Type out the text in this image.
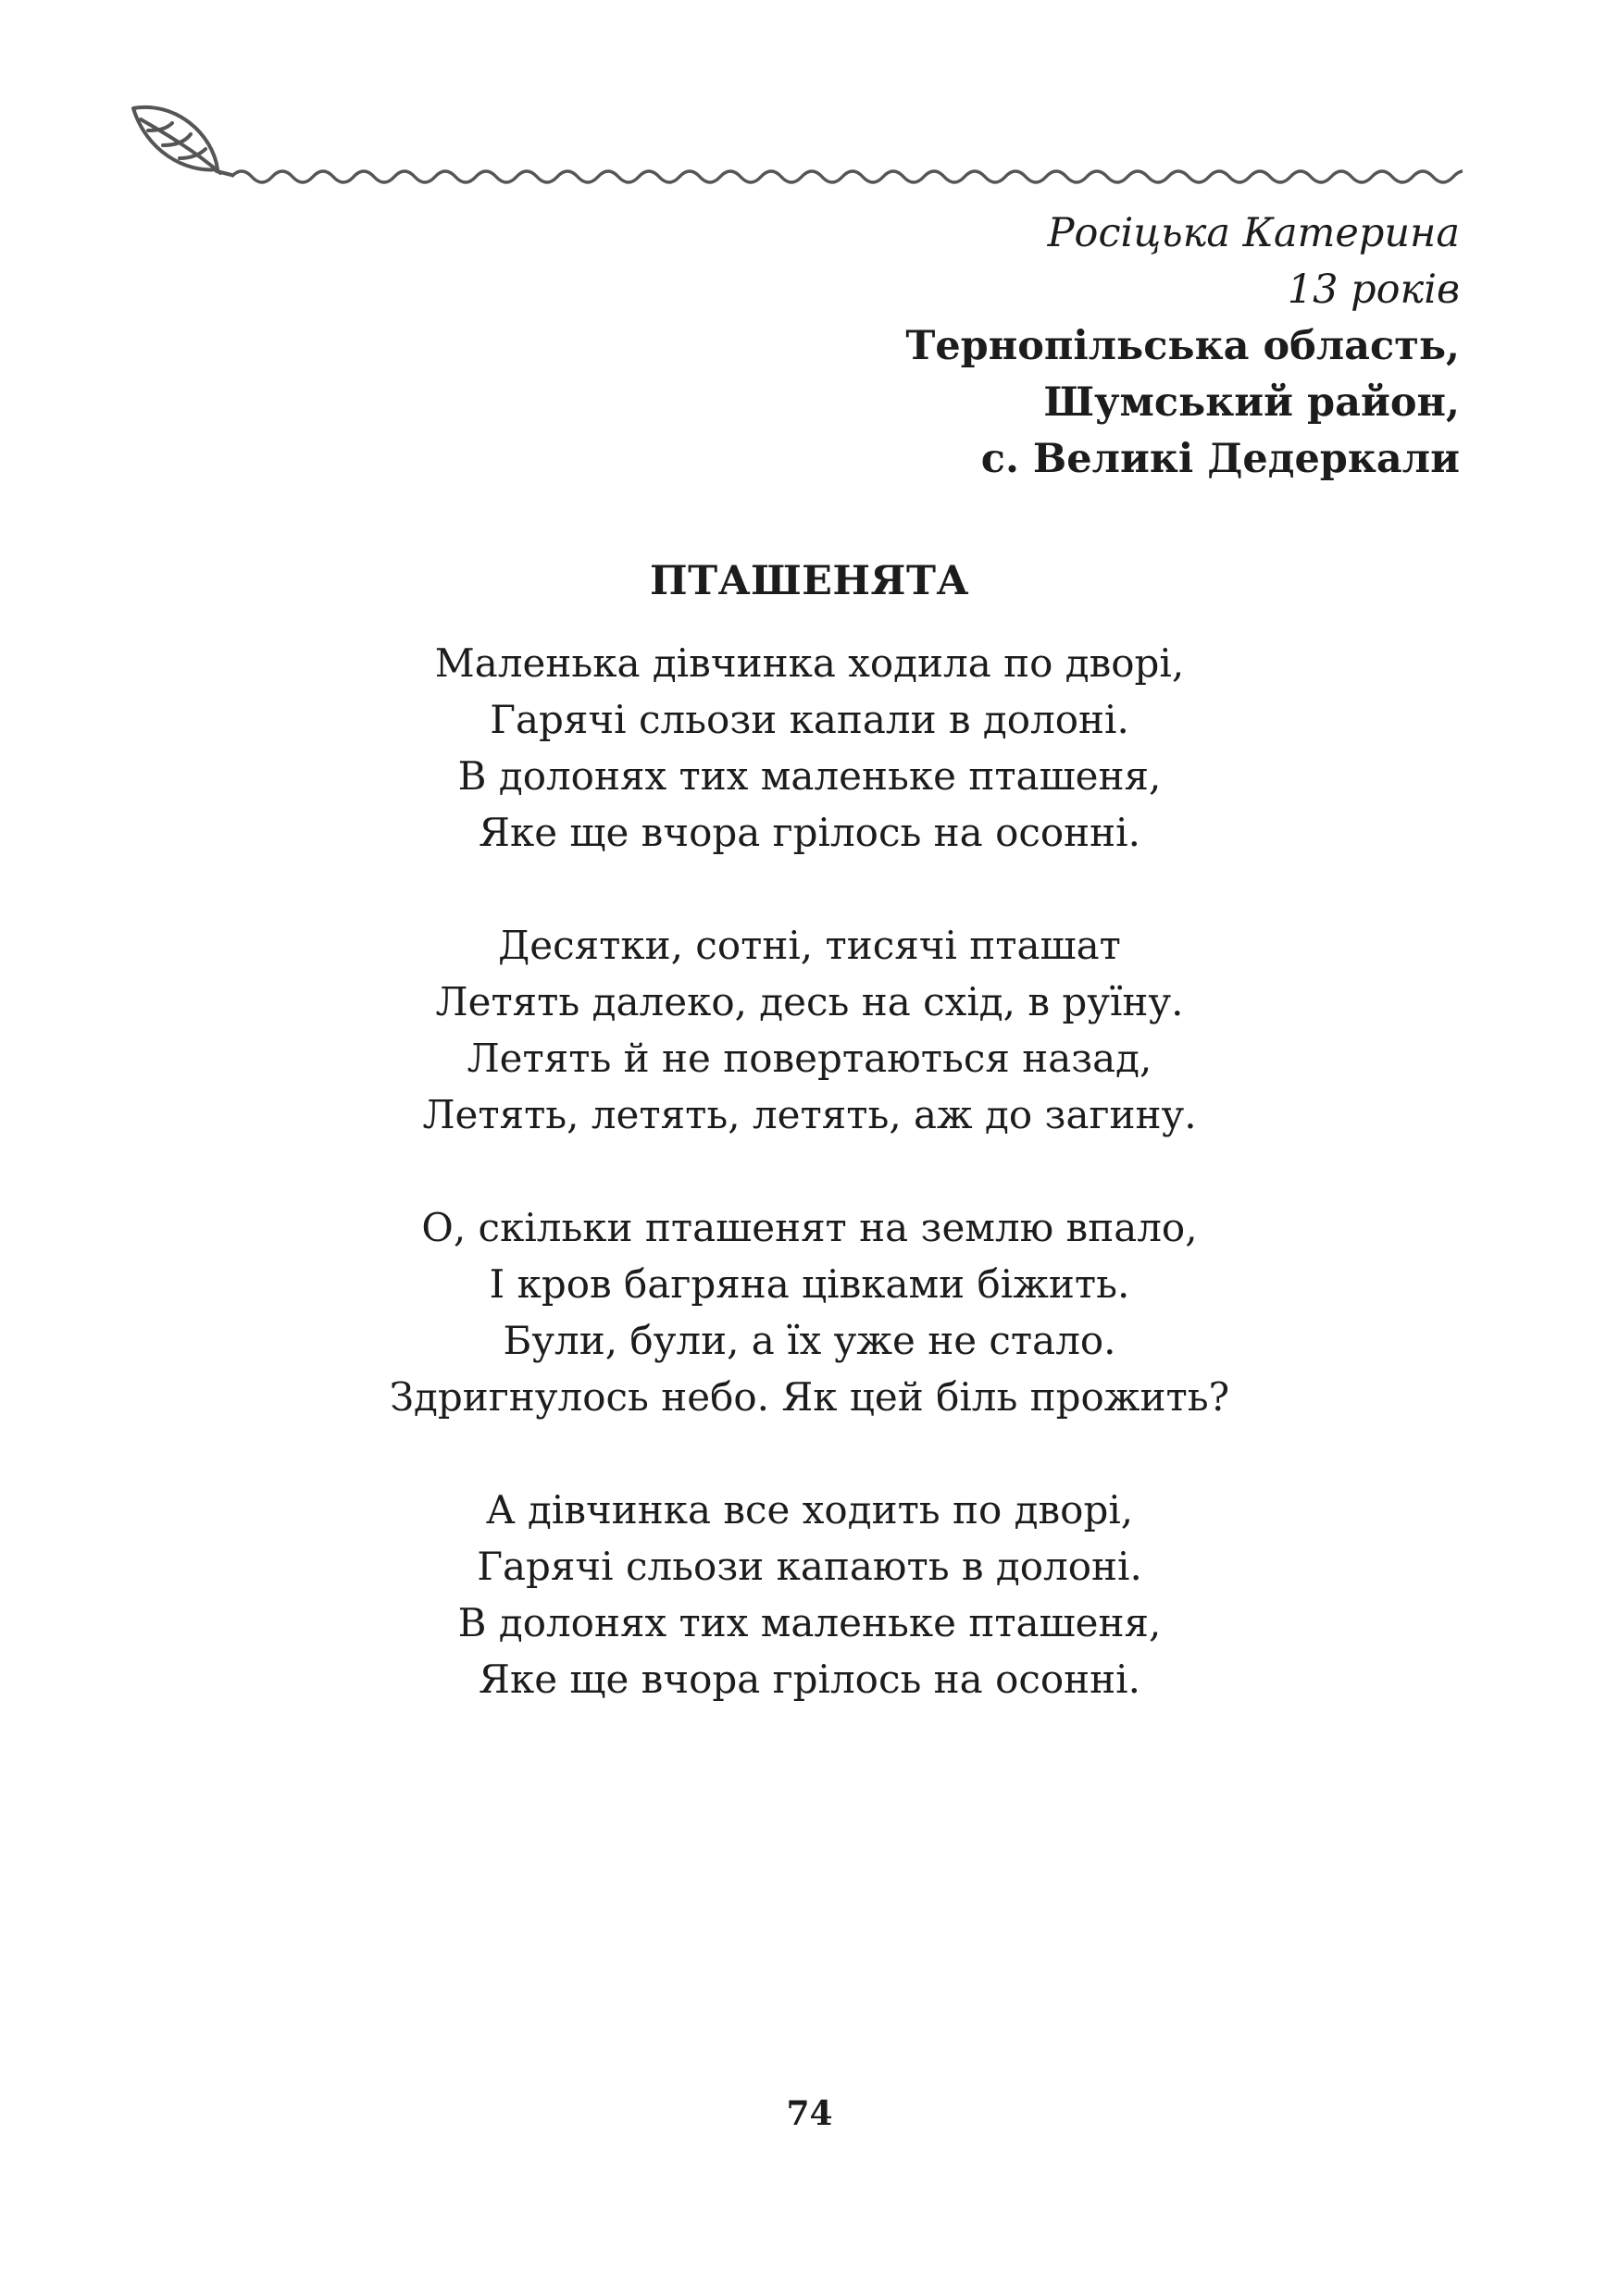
Росіцька Катерина
13 років
Тернопільська область,
Шумський район,
с. Великі Дедеркали
ПТАШЕНЯТА
Маленька дівчинка ходила по дворі,
Гарячі сльози капали в долоні.
В долонях тих маленьке пташеня,
Яке ще вчора грілось на осонні.
Десятки, сотні, тисячі пташат
Летять далеко, десь на схід, в руїну.
Летять й не повертаються назад,
Летять, летять, летять, аж до загину.
О, скільки пташенят на землю впало,
І кров багряна цівками біжить.
Були, були, а їх уже не стало.
Здригнулось небо. Як цей біль прожить?
А дівчинка все ходить по дворі,
Гарячі сльози капають в долоні.
В долонях тих маленьке пташеня,
Яке ще вчора грілось на осонні.
74
